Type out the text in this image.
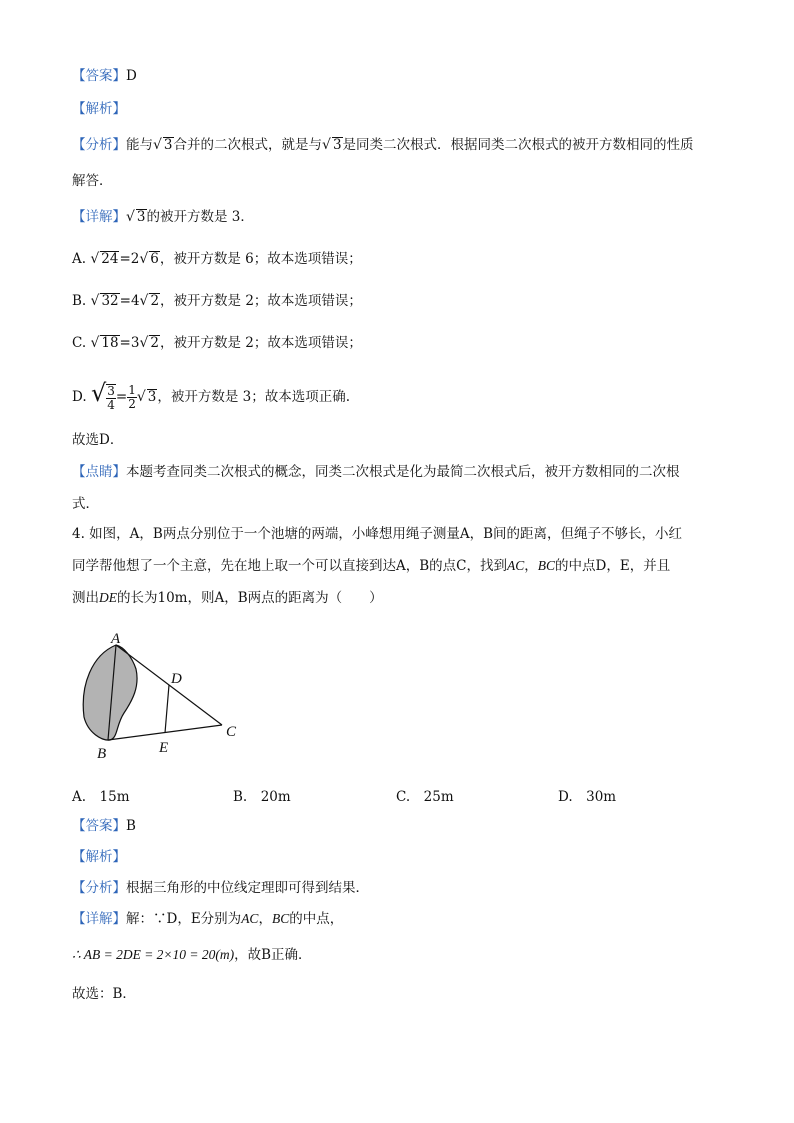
【答案】D
【解析】
【分析】能与√ 3合并的二次根式，就是与√ 3是同类二次根式．根据同类二次根式的被开方数相同的性质
解答．
【详解】√ 3的被开方数是 3．
A. √ 24=2√ 6，被开方数是 6；故本选项错误；
B. √ 32=4√ 2，被开方数是 2；故本选项错误；
C. √ 18=3√ 2，被开方数是 2；故本选项错误；
D. √ $\frac{3}{4} = \frac{1}{2}$ √ 3，被开方数是 3；故本选项正确.
故选D．
【点睛】本题考查同类二次根式的概念，同类二次根式是化为最简二次根式后，被开方数相同的二次根
式．
4. 如图，A，B两点分别位于一个池塘的两端，小峰想用绳子测量A，B间的距离，但绳子不够长，小红
同学帮他想了一个主意，先在地上取一个可以直接到达A，B的点C，找到AC，BC的中点D，E，并且
测出DE的长为10m，则A，B两点的距离为（　　）
A
B
C
D
E
A.　15m	B.　20m	C.　25m	D.　30m
【答案】B
【解析】
【分析】根据三角形的中位线定理即可得到结果．
【详解】解：∵D，E分别为AC，BC的中点，
∴ AB = 2DE = 2×10 = 20(m)，故B正确．
故选：B．
